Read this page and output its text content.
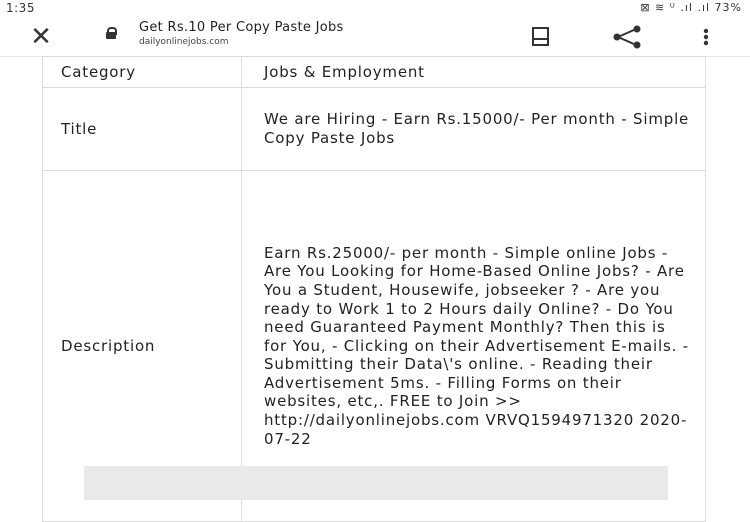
1:35	⊠ ≋ ᵁ .ıl .ıl 73%
✕	Get Rs.10 Per Copy Paste Jobs
dailyonlinejobs.com
Category	Jobs & Employment
Title	We are Hiring - Earn Rs.15000/- Per month - Simple Copy Paste Jobs
Description	Earn Rs.25000/- per month - Simple online Jobs - Are You Looking for Home-Based Online Jobs? - Are You a Student, Housewife, jobseeker ? - Are you ready to Work 1 to 2 Hours daily Online? - Do You need Guaranteed Payment Monthly? Then this is for You, - Clicking on their Advertisement E-mails. - Submitting their Data\'s online. - Reading their Advertisement 5ms. - Filling Forms on their websites, etc,. FREE to Join >> http://dailyonlinejobs.com VRVQ1594971320 2020-07-22
